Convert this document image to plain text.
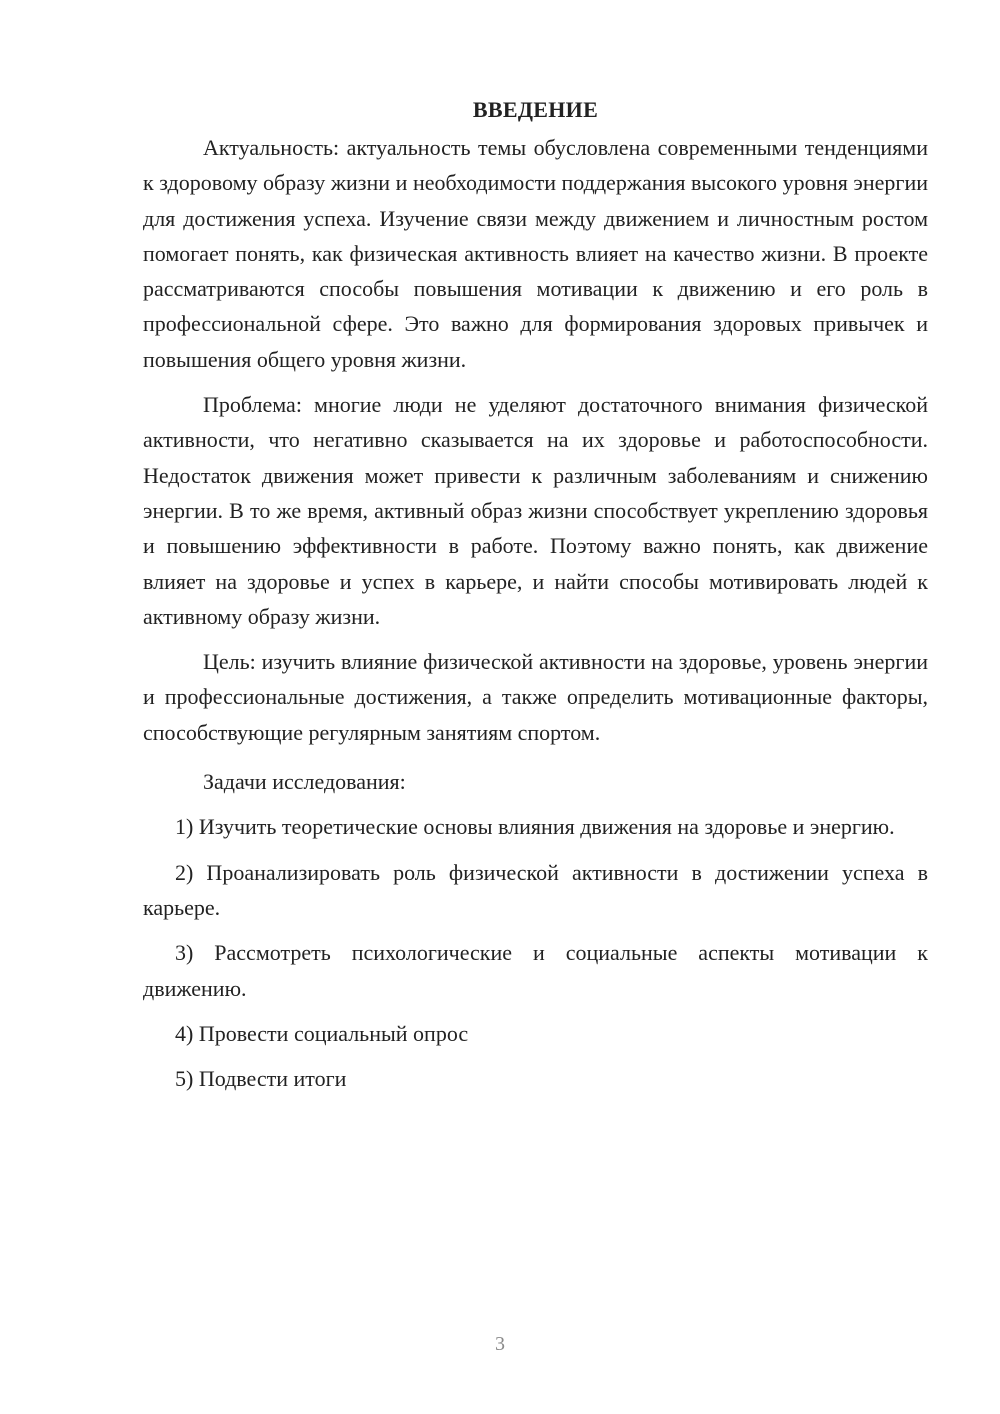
ВВЕДЕНИЕ

Актуальность: актуальность темы обусловлена современными тенденциями к здоровому образу жизни и необходимости поддержания высокого уровня энергии для достижения успеха. Изучение связи между движением и личностным ростом помогает понять, как физическая активность влияет на качество жизни. В проекте рассматриваются способы повышения мотивации к движению и его роль в профессиональной сфере. Это важно для формирования здоровых привычек и повышения общего уровня жизни.

Проблема: многие люди не уделяют достаточного внимания физической активности, что негативно сказывается на их здоровье и работоспособности. Недостаток движения может привести к различным заболеваниям и снижению энергии. В то же время, активный образ жизни способствует укреплению здоровья и повышению эффективности в работе. Поэтому важно понять, как движение влияет на здоровье и успех в карьере, и найти способы мотивировать людей к активному образу жизни.

Цель: изучить влияние физической активности на здоровье, уровень энергии и профессиональные достижения, а также определить мотивационные факторы, способствующие регулярным занятиям спортом.

Задачи исследования:

1) Изучить теоретические основы влияния движения на здоровье и энергию.

2) Проанализировать роль физической активности в достижении успеха в карьере.

3) Рассмотреть психологические и социальные аспекты мотивации к движению.

4) Провести социальный опрос

5) Подвести итоги

3
